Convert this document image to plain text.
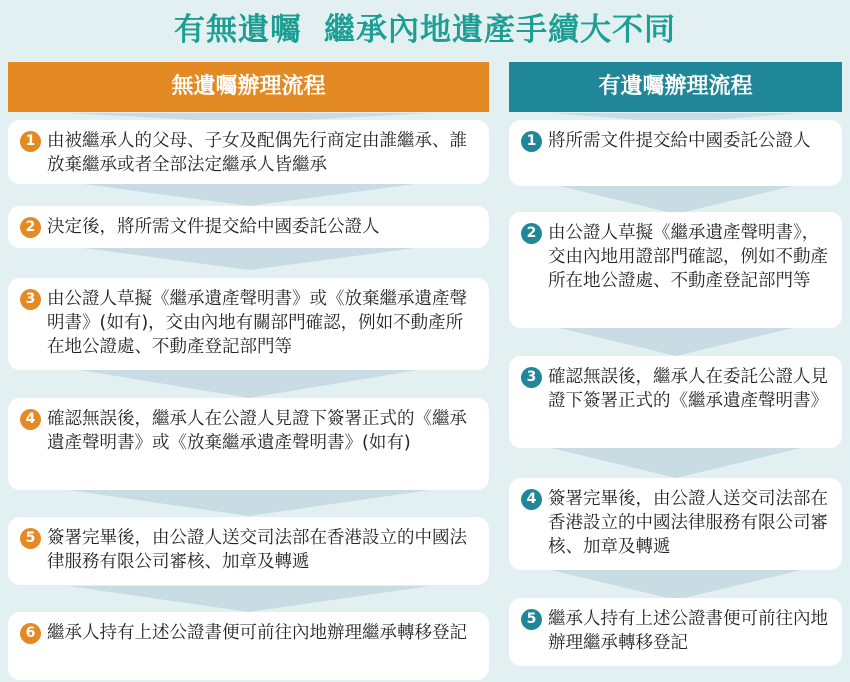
有無遺囑 繼承內地遺產手續大不同
無遺囑辦理流程
1 由被繼承人的父母、子女及配偶先行商定由誰繼承、誰放棄繼承或者全部法定繼承人皆繼承
2 決定後，將所需文件提交給中國委託公證人
3 由公證人草擬《繼承遺產聲明書》或《放棄繼承遺產聲明書》(如有)，交由內地有關部門確認，例如不動產所在地公證處、不動產登記部門等
4 確認無誤後，繼承人在公證人見證下簽署正式的《繼承遺產聲明書》或《放棄繼承遺產聲明書》(如有)
5 簽署完畢後，由公證人送交司法部在香港設立的中國法律服務有限公司審核、加章及轉遞
6 繼承人持有上述公證書便可前往內地辦理繼承轉移登記
有遺囑辦理流程
1 將所需文件提交給中國委託公證人
2 由公證人草擬《繼承遺產聲明書》，交由內地用證部門確認，例如不動產所在地公證處、不動產登記部門等
3 確認無誤後，繼承人在委託公證人見證下簽署正式的《繼承遺產聲明書》
4 簽署完畢後，由公證人送交司法部在香港設立的中國法律服務有限公司審核、加章及轉遞
5 繼承人持有上述公證書便可前往內地辦理繼承轉移登記
